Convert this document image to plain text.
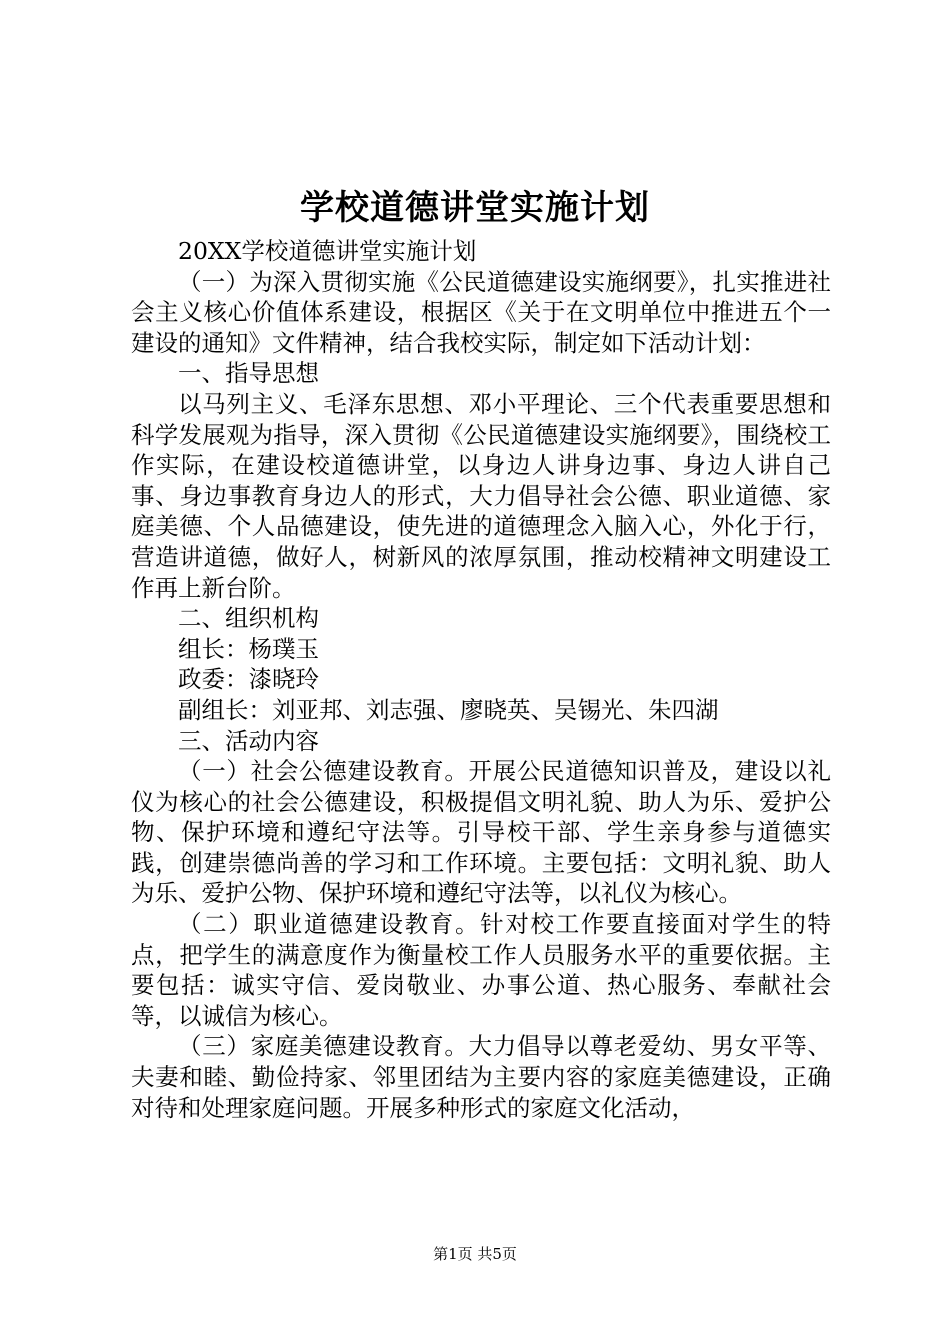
学校道德讲堂实施计划

20XX学校道德讲堂实施计划

（一）为深入贯彻实施《公民道德建设实施纲要》，扎实推进社会主义核心价值体系建设，根据区《关于在文明单位中推进五个一建设的通知》文件精神，结合我校实际，制定如下活动计划：

一、指导思想

以马列主义、毛泽东思想、邓小平理论、三个代表重要思想和科学发展观为指导，深入贯彻《公民道德建设实施纲要》，围绕校工作实际，在建设校道德讲堂，以身边人讲身边事、身边人讲自己事、身边事教育身边人的形式，大力倡导社会公德、职业道德、家庭美德、个人品德建设，使先进的道德理念入脑入心，外化于行，营造讲道德，做好人，树新风的浓厚氛围，推动校精神文明建设工作再上新台阶。

二、组织机构

组长：杨璞玉

政委：漆晓玲

副组长：刘亚邦、刘志强、廖晓英、吴锡光、朱四湖

三、活动内容

（一）社会公德建设教育。开展公民道德知识普及，建设以礼仪为核心的社会公德建设，积极提倡文明礼貌、助人为乐、爱护公物、保护环境和遵纪守法等。引导校干部、学生亲身参与道德实践，创建崇德尚善的学习和工作环境。主要包括：文明礼貌、助人为乐、爱护公物、保护环境和遵纪守法等，以礼仪为核心。

（二）职业道德建设教育。针对校工作要直接面对学生的特点，把学生的满意度作为衡量校工作人员服务水平的重要依据。主要包括：诚实守信、爱岗敬业、办事公道、热心服务、奉献社会等，以诚信为核心。

（三）家庭美德建设教育。大力倡导以尊老爱幼、男女平等、夫妻和睦、勤俭持家、邻里团结为主要内容的家庭美德建设，正确对待和处理家庭问题。开展多种形式的家庭文化活动，

第1页 共5页
